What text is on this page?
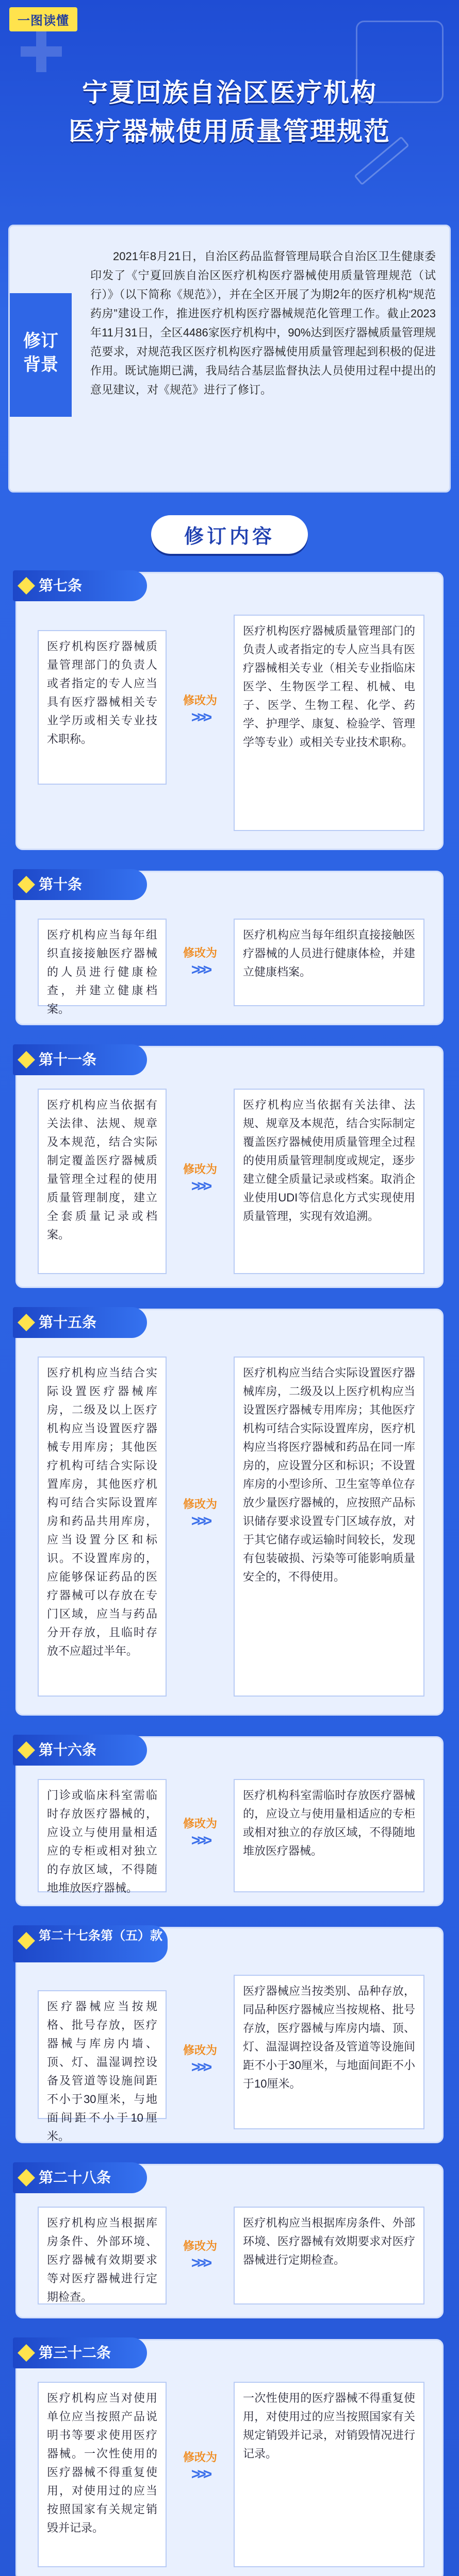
一图读懂
宁夏回族自治区医疗机构
医疗器械使用质量管理规范
修订
背景
2021年8月21日，自治区药品监督管理局联合自治区卫生健康委印发了《宁夏回族自治区医疗机构医疗器械使用质量管理规范（试行）》（以下简称《规范》），并在全区开展了为期2年的医疗机构“规范药房”建设工作，推进医疗机构医疗器械规范化管理工作。截止2023年11月31日，全区4486家医疗机构中，90%达到医疗器械质量管理规范要求，对规范我区医疗机构医疗器械使用质量管理起到积极的促进作用。既试施期已满，我局结合基层监督执法人员使用过程中提出的意见建议，对《规范》进行了修订。
修订内容
第七条
医疗机构医疗器械质量管理部门的负责人或者指定的专人应当具有医疗器械相关专业学历或相关专业技术职称。
修改为
>>>
医疗机构医疗器械质量管理部门的负责人或者指定的专人应当具有医疗器械相关专业（相关专业指临床医学、生物医学工程、机械、电子、医学、生物工程、化学、药学、护理学、康复、检验学、管理学等专业）或相关专业技术职称。
第十条
医疗机构应当每年组织直接接触医疗器械的人员进行健康检查，并建立健康档案。
修改为
>>>
医疗机构应当每年组织直接接触医疗器械的人员进行健康体检，并建立健康档案。
第十一条
医疗机构应当依据有关法律、法规、规章及本规范，结合实际制定覆盖医疗器械质量管理全过程的使用质量管理制度，建立全套质量记录或档案。
修改为
>>>
医疗机构应当依据有关法律、法规、规章及本规范，结合实际制定覆盖医疗器械使用质量管理全过程的使用质量管理制度或规定，逐步建立健全质量记录或档案。取消企业使用UDI等信息化方式实现使用质量管理，实现有效追溯。
第十五条
医疗机构应当结合实际设置医疗器械库房，二级及以上医疗机构应当设置医疗器械专用库房；其他医疗机构可结合实际设置库房，其他医疗机构可结合实际设置库房和药品共用库房，应当设置分区和标识。不设置库房的，应能够保证药品的医疗器械可以存放在专门区域，应当与药品分开存放，且临时存放不应超过半年。
修改为
>>>
医疗机构应当结合实际设置医疗器械库房，二级及以上医疗机构应当设置医疗器械专用库房；其他医疗机构可结合实际设置库房，医疗机构应当将医疗器械和药品在同一库房的，应设置分区和标识；不设置库房的小型诊所、卫生室等单位存放少量医疗器械的，应按照产品标识储存要求设置专门区域存放，对于其它储存或运输时间较长，发现有包装破损、污染等可能影响质量安全的，不得使用。
第十六条
门诊或临床科室需临时存放医疗器械的，应设立与使用量相适应的专柜或相对独立的存放区域，不得随地堆放医疗器械。
修改为
>>>
医疗机构科室需临时存放医疗器械的，应设立与使用量相适应的专柜或相对独立的存放区域，不得随地堆放医疗器械。
第二十七条第（五）款
医疗器械应当按规格、批号存放，医疗器械与库房内墙、顶、灯、温湿调控设备及管道等设施间距不小于30厘米，与地面间距不小于10厘米。
修改为
>>>
医疗器械应当按类别、品种存放，同品种医疗器械应当按规格、批号存放，医疗器械与库房内墙、顶、灯、温湿调控设备及管道等设施间距不小于30厘米，与地面间距不小于10厘米。
第二十八条
医疗机构应当根据库房条件、外部环境、医疗器械有效期要求等对医疗器械进行定期检查。
修改为
>>>
医疗机构应当根据库房条件、外部环境、医疗器械有效期要求对医疗器械进行定期检查。
第三十二条
医疗机构应当对使用单位应当按照产品说明书等要求使用医疗器械。一次性使用的医疗器械不得重复使用，对使用过的应当按照国家有关规定销毁并记录。
修改为
>>>
一次性使用的医疗器械不得重复使用，对使用过的应当按照国家有关规定销毁并记录，对销毁情况进行记录。
